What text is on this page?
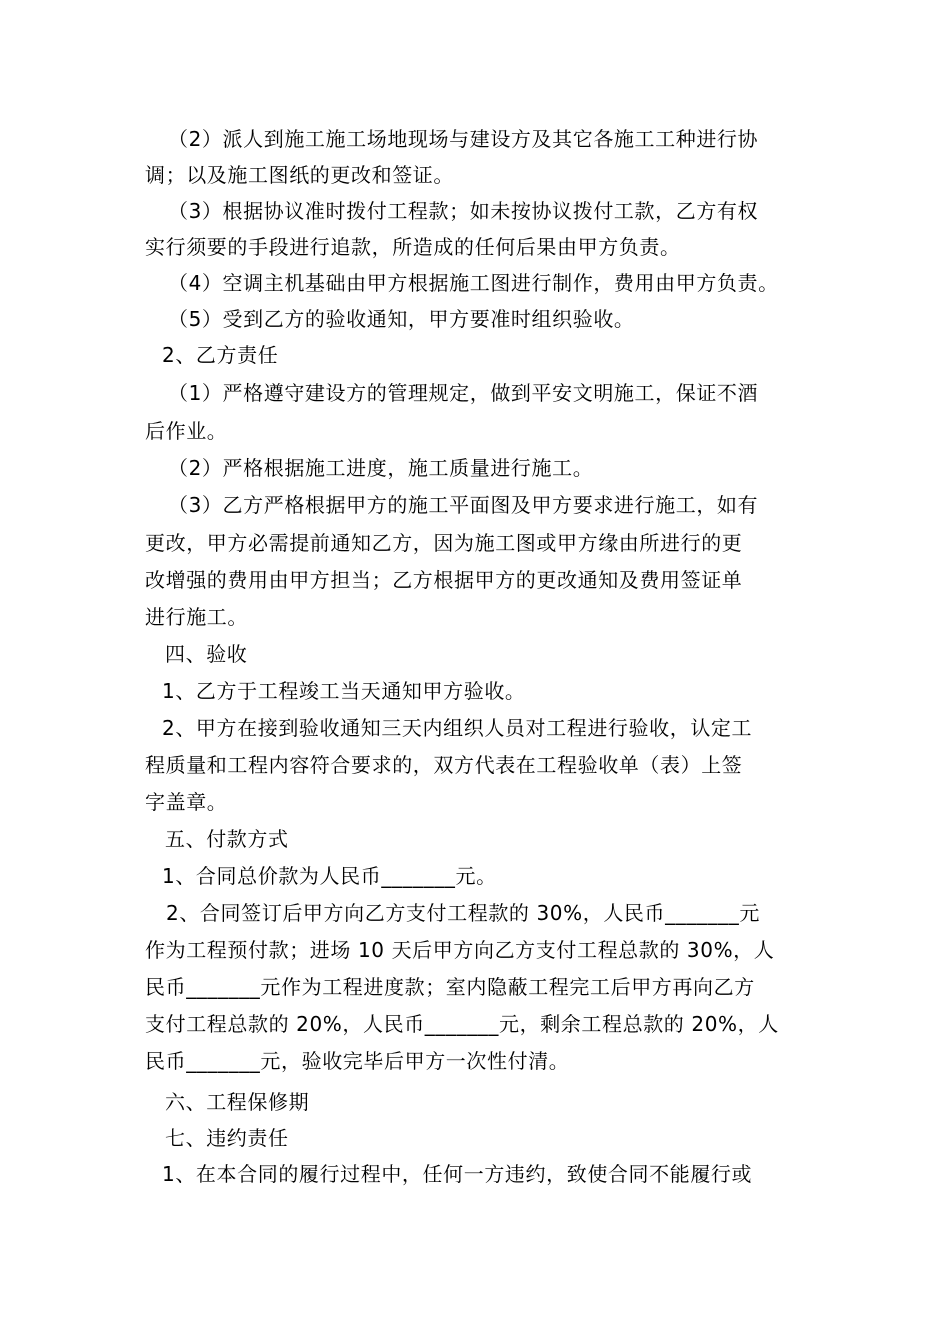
（2）派人到施工施工场地现场与建设方及其它各施工工种进行协
调；以及施工图纸的更改和签证。
（3）根据协议准时拨付工程款；如未按协议拨付工款，乙方有权
实行须要的手段进行追款，所造成的任何后果由甲方负责。
（4）空调主机基础由甲方根据施工图进行制作，费用由甲方负责。
（5）受到乙方的验收通知，甲方要准时组织验收。
2、乙方责任
（1）严格遵守建设方的管理规定，做到平安文明施工，保证不酒
后作业。
（2）严格根据施工进度，施工质量进行施工。
（3）乙方严格根据甲方的施工平面图及甲方要求进行施工，如有
更改，甲方必需提前通知乙方，因为施工图或甲方缘由所进行的更
改增强的费用由甲方担当；乙方根据甲方的更改通知及费用签证单
进行施工。
四、验收
1、乙方于工程竣工当天通知甲方验收。
2、甲方在接到验收通知三天内组织人员对工程进行验收，认定工
程质量和工程内容符合要求的，双方代表在工程验收单（表）上签
字盖章。
五、付款方式
1、合同总价款为人民币_______元。
2、合同签订后甲方向乙方支付工程款的 30%，人民币_______元
作为工程预付款；进场 10 天后甲方向乙方支付工程总款的 30%，人
民币_______元作为工程进度款；室内隐蔽工程完工后甲方再向乙方
支付工程总款的 20%，人民币_______元，剩余工程总款的 20%，人
民币_______元，验收完毕后甲方一次性付清。
六、工程保修期
七、违约责任
1、在本合同的履行过程中，任何一方违约，致使合同不能履行或
